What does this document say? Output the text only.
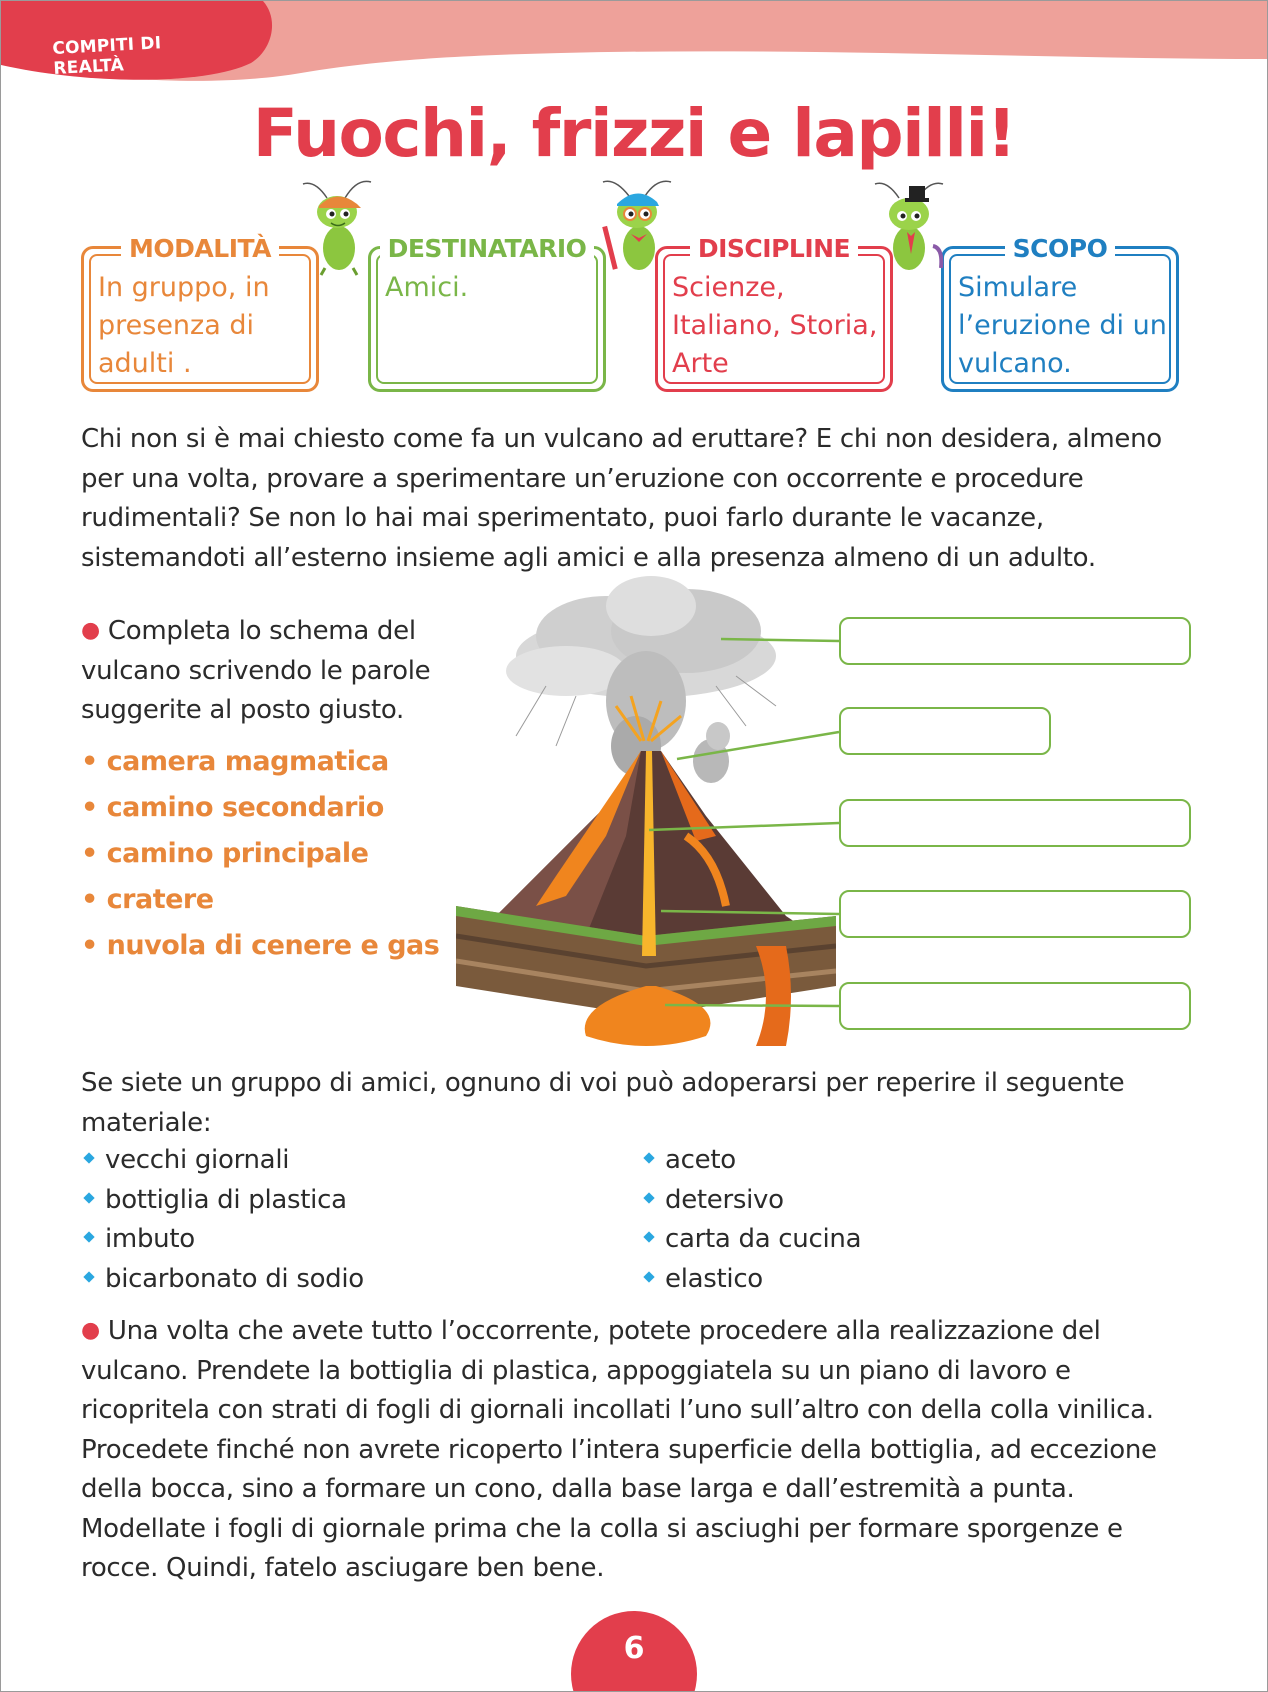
COMPITI DI REALTÀ
Fuochi, frizzi e lapilli!
MODALITÀ
In gruppo, in presenza di adulti .
DESTINATARIO
Amici.
DISCIPLINE
Scienze, Italiano, Storia, Arte
SCOPO
Simulare l’eruzione di un vulcano.

Chi non si è mai chiesto come fa un vulcano ad eruttare? E chi non desidera, almeno per una volta, provare a sperimentare un’eruzione con occorrente e procedure rudimentali? Se non lo hai mai sperimentato, puoi farlo durante le vacanze, sistemandoti all’esterno insieme agli amici e alla presenza almeno di un adulto.

● Completa lo schema del vulcano scrivendo le parole suggerite al posto giusto.
• camera magmatica
• camino secondario
• camino principale
• cratere
• nuvola di cenere e gas

Se siete un gruppo di amici, ognuno di voi può adoperarsi per reperire il seguente materiale:

vecchi giornali
bottiglia di plastica
imbuto
bicarbonato di sodio
aceto
detersivo
carta da cucina
elastico

● Una volta che avete tutto l’occorrente, potete procedere alla realizzazione del vulcano. Prendete la bottiglia di plastica, appoggiatela su un piano di lavoro e ricopritela con strati di fogli di giornali incollati l’uno sull’altro con della colla vinilica. Procedete finché non avrete ricoperto l’intera superficie della bottiglia, ad eccezione della bocca, sino a formare un cono, dalla base larga e dall’estremità a punta. Modellate i fogli di giornale prima che la colla si asciughi per formare sporgenze e rocce. Quindi, fatelo asciugare ben bene.

6
